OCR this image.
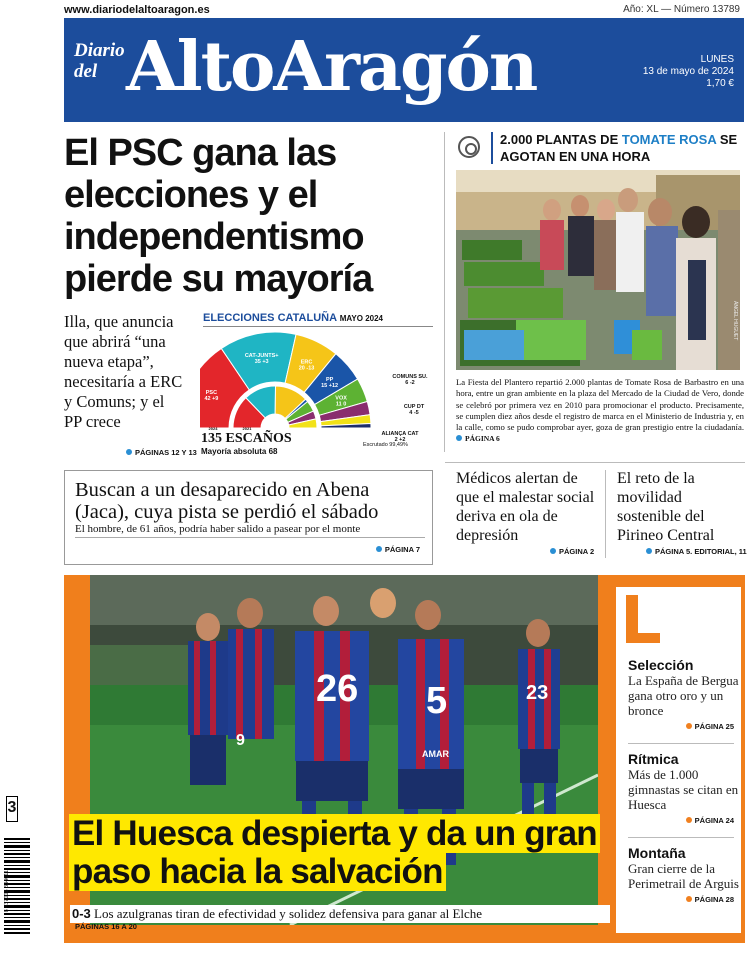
www.diariodelaltoaragon.es	Año: XL — Número 13789
Diario
del AltoAragón	LUNES
13 de mayo de 2024
1,70 €
El PSC gana las elecciones y el independentismo pierde su mayoría
Illa, que anuncia que abrirá “una nueva etapa”, necesitaría a ERC y Comuns; y el PP crece
PÁGINAS 12 Y 13
ELECCIONES CATALUÑA MAYO 2024
PSC 42 +9
CAT-JUNTS+ 35 +3	ERC 20 -13
PP 15 +12
VOX 11 0
COMUNS SU. 6 -2
CUP DT 4 -5
ALIANÇA CAT 2 +2
2024	2021
135 ESCAÑOS
Mayoría absoluta 68
Escrutado 99,49%
2.000 PLANTAS DE TOMATE ROSA SE AGOTAN EN UNA HORA
ÁNGEL HUGUET
La Fiesta del Plantero repartió 2.000 plantas de Tomate Rosa de Barbastro en una hora, entre un gran ambiente en la plaza del Mercado de la Ciudad de Vero, donde se celebró por primera vez en 2010 para promocionar el producto. Precisamente, se cumplen diez años desde el registro de marca en el Ministerio de Industria y, en la calle, como se pudo comprobar ayer, goza de gran prestigio entre la ciudadanía. PÁGINA 6
Buscan a un desaparecido en Abena (Jaca), cuya pista se perdió el sábado
El hombre, de 61 años, podría haber salido a pasear por el monte
PÁGINA 7
Médicos alertan de que el malestar social deriva en ola de depresión
PÁGINA 2
El reto de la movilidad sostenible del Pirineo Central
PÁGINA 5. EDITORIAL, 11
9
26 5
AMAR
23
El Huesca despierta y da un gran paso hacia la salvación
0-3 Los azulgranas tiran de efectividad y solidez defensiva para ganar al Elche
PÁGINAS 16 A 20
Selección
La España de Bergua gana otro oro y un bronce
PÁGINA 25
Rítmica
Más de 1.000 gimnastas se citan en Huesca
PÁGINA 24
Montaña
Gran cierre de la Perimetrail de Arguis
PÁGINA 28
3
8 437008 334011
